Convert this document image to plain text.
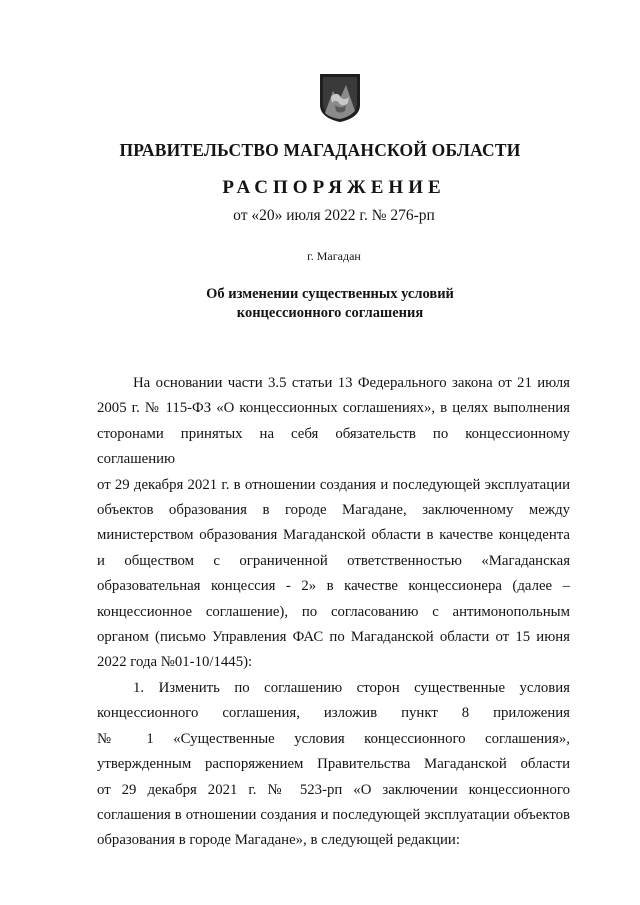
ПРАВИТЕЛЬСТВО МАГАДАНСКОЙ ОБЛАСТИ
РАСПОРЯЖЕНИЕ
от «20» июля 2022 г. № 276-рп
г. Магадан
Об изменении существенных условий
концессионного соглашения
На основании части 3.5 статьи 13 Федерального закона от 21 июля
2005 г. № 115-ФЗ «О концессионных соглашениях», в целях выполнения
сторонами принятых на себя обязательств по концессионному соглашению
от 29 декабря 2021 г. в отношении создания и последующей эксплуатации
объектов образования в городе Магадане, заключенному между
министерством образования Магаданской области в качестве концедента
и обществом с ограниченной ответственностью «Магаданская
образовательная концессия - 2» в качестве концессионера (далее –
концессионное соглашение), по согласованию с антимонопольным
органом (письмо Управления ФАС по Магаданской области от 15 июня
2022 года №01-10/1445):
1. Изменить по соглашению сторон существенные условия
концессионного соглашения, изложив пункт 8 приложения
№ 1 «Существенные условия концессионного соглашения»,
утвержденным распоряжением Правительства Магаданской области
от 29 декабря 2021 г. № 523-рп «О заключении концессионного
соглашения в отношении создания и последующей эксплуатации объектов
образования в городе Магадане», в следующей редакции:
